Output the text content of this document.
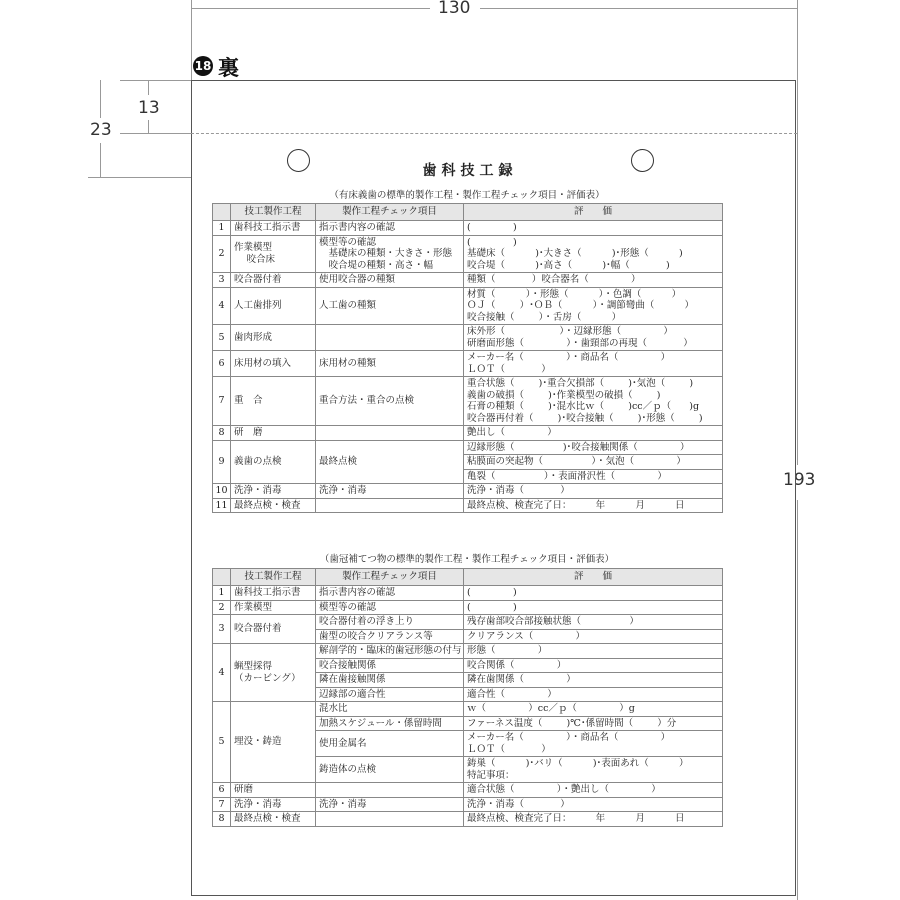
130
193
13
23
18 裏
歯科技工録
（有床義歯の標準的製作工程・製作工程チェック項目・評価表）
	技工製作工程	製作工程チェック項目	評　　価
1	歯科技工指示書	指示書内容の確認	(              )

2	作業模型
　 咬合床	模型等の確認
　基礎床の種類・大きさ・形態
　咬合堤の種類・高さ・幅	(              )
基礎床（          )･大きさ（          )･形態（          )
咬合堤（          )･高さ（          )･幅（            )

3	咬合器付着	使用咬合器の種類	種類（            ）咬合器名（              ）

4	人工歯排列	人工歯の種類	材質（          ）・形態（          ）・色調（          ）
ＯＪ（        ）･ＯＢ（          ）・調節彎曲（          ）
咬合接触（        ）・舌房（          ）

5	歯肉形成		床外形（                  ）・辺縁形態（              ）
研磨面形態（              ）・歯頸部の再現（            ）

6	床用材の填入	床用材の種類	メーカー名（              ）・商品名（              ）
ＬＯＴ（            ）

7	重　合	重合方法・重合の点検	重合状態（        )･重合欠損部（        )･気泡（        )
義歯の破損（        )･作業模型の破損（        )
石膏の種類（        )･混水比ｗ（        )cc／ｐ（      )g
咬合器再付着（        )･咬合接触（        )･形態（        )

8	研　磨		艶出し（              ）

9	義歯の点検	最終点検	辺縁形態（                )･咬合接触関係（              ）

			粘膜面の突起物（                ）・気泡（              ）

			亀裂（                ）・表面滑沢性（              ）

10	洗浄・消毒	洗浄・消毒	洗浄・消毒（            ）

11	最終点検・検査		最終点検、検査完了日：        年          月          日
（歯冠補てつ物の標準的製作工程・製作工程チェック項目・評価表）
	技工製作工程	製作工程チェック項目	評　　価
1	歯科技工指示書	指示書内容の確認	(              )

2	作業模型	模型等の確認	(              )

3	咬合器付着	咬合器付着の浮き上り	残存歯部咬合部接触状態（                ）

		歯型の咬合クリアランス等	クリアランス（              ）

4	蝋型採得
（カービング）	解剖学的・臨床的歯冠形態の付与	形態（              ）

		咬合接触関係	咬合関係（              ）

		隣在歯接触関係	隣在歯関係（              ）

		辺縁部の適合性	適合性（              ）

5	埋没・鋳造	混水比	ｗ（              ）cc／ｐ（              ）g

		加熱スケジュール・係留時間	ファーネス温度（        )℃･係留時間（        ）分

		使用金属名	メーカー名（              ）・商品名（              ）
ＬＯＴ（            ）

		鋳造体の点検	鋳巣（          )･バリ（          )･表面あれ（          ）
特記事項：

6	研磨		適合状態（              ）・艶出し（              ）

7	洗浄・消毒	洗浄・消毒	洗浄・消毒（            ）

8	最終点検・検査		最終点検、検査完了日：        年          月          日
